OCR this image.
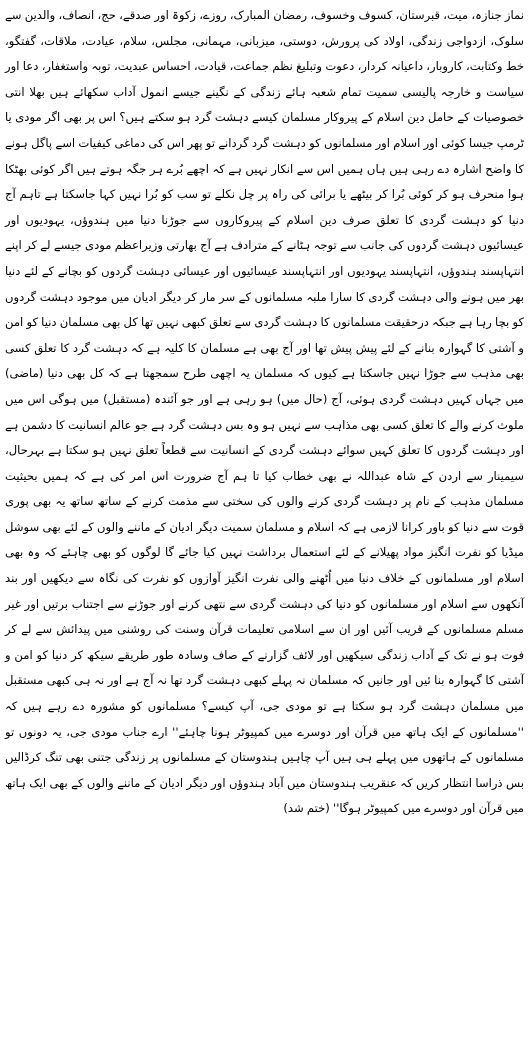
نماز جنازہ، میت، قبرستان، کسوف وخسوف، رمضان المبارک، روزے، زکوۃ اور صدقے، حج، انصاف، والدین سے سلوک، ازدواجی زندگی، اولاد کی پرورش، دوستی، میزبانی، مہمانی، مجلس، سلام، عیادت، ملاقات، گفتگو، خط وکتابت، کاروبار، داعیانہ کردار، دعوت وتبلیغ نظم جماعت، قیادت، احساس عبدیت، توبہ واستغفار، دعا اور سیاست و خارجہ پالیسی سمیت تمام شعبہ ہائے زندگی کے نگینے جیسے انمول آداب سکھائے ہیں بھلا انتی خصوصیات کے حامل دین اسلام کے پیروکار مسلمان کیسے دہشت گرد ہو سکتے ہیں؟ اس پر بھی اگر مودی یا ٹرمپ جیسا کوئی اور اسلام اور مسلمانوں کو دہشت گرد گردانے تو پھر اس کی دماغی کیفیات اسے پاگل ہونے کا واضح اشارہ دے رہی ہیں ہاں ہمیں اس سے انکار نہیں ہے کہ اچھے بُرے ہر جگہ ہوتے ہیں اگر کوئی بھٹکا ہوا منحرف ہو کر کوئی بُرا کر بیٹھے یا برائی کی راہ پر چل نکلے تو سب کو بُرا نہیں کہا جاسکتا ہے تاہم آج دنیا کو دہشت گردی کا تعلق صرف دین اسلام کے پیروکاروں سے جوڑنا دنیا میں ہندوؤں، یہودیوں اور عیسائیوں دہشت گردوں کی جانب سے توجہ ہٹانے کے مترادف ہے آج بھارتی وزیراعظم مودی جیسے لے کر اپنے انتہاپسند ہندوؤں، انتہاپسند یہودیوں اور انتہاپسند عیسائیوں اور عیسائی دہشت گردوں کو بچانے کے لئے دنیا بھر میں ہونے والی دہشت گردی کا سارا ملبہ مسلمانوں کے سر مار کر دیگر ادیان میں موجود دہشت گردوں کو بچا رہا ہے جبکہ درحقیقت مسلمانوں کا دہشت گردی سے تعلق کبھی نہیں تھا کل بھی مسلمان دنیا کو امن و آشتی کا گہوارہ بنانے کے لئے پیش پیش تھا اور آج بھی ہے مسلمان کا کلیہ ہے کہ دہشت گرد کا تعلق کسی بھی مذہب سے جوڑا نہیں جاسکتا ہے کیوں کہ مسلمان یہ اچھی طرح سمجھتا ہے کہ کل بھی دنیا (ماضی) میں جہاں کہیں دہشت گردی ہوئی، آج (حال میں) ہو رہی ہے اور جو آئندہ (مستقبل) میں ہوگی اس میں ملوث کرنے والے کا تعلق کسی بھی مذاہب سے نہیں ہو وہ بس دہشت گرد ہے جو عالم انسانیت کا دشمن ہے اور دہشت گردوں کا تعلق کہیں سوائے دہشت گردی کے انسانیت سے قطعاً تعلق نہیں ہو سکتا ہے بہرحال، سیمینار سے اردن کے شاہ عبداللہ نے بھی خطاب کیا تا ہم آج ضرورت اس امر کی ہے کہ ہمیں بحیثیت مسلمان مذہب کے نام پر دہشت گردی کرنے والوں کی سختی سے مذمت کرنے کے ساتھ ساتھ یہ بھی پوری قوت سے دنیا کو باور کرانا لازمی ہے کہ اسلام و مسلمان سمیت دیگر ادیان کے ماننے والوں کے لئے بھی سوشل میڈیا کو نفرت انگیز مواد پھیلانے کے لئے استعمال برداشت نہیں کیا جائے گا لوگوں کو بھی چاہئے کہ وہ بھی اسلام اور مسلمانوں کے خلاف دنیا میں اُٹھنے والی نفرت انگیز آوازوں کو نفرت کی نگاہ سے دیکھیں اور بند آنکھوں سے اسلام اور مسلمانوں کو دنیا کی دہشت گردی سے نتھی کرنے اور جوڑنے سے اجتناب برتیں اور غیر مسلم مسلمانوں کے قریب آئیں اور ان سے اسلامی تعلیمات قرآن وسنت کی روشنی میں پیدائش سے لے کر فوت ہو نے تک کے آداب زندگی سیکھیں اور لائف گزارنے کے صاف وسادہ طور طریقے سیکھ کر دنیا کو امن و آشتی کا گہوارہ بنا ئیں اور جانیں کہ مسلمان نہ پہلے کبھی دہشت گرد تھا نہ آج ہے اور نہ ہی کبھی مستقبل میں مسلمان دہشت گرد ہو سکتا ہے تو مودی جی، آپ کیسے؟ مسلمانوں کو مشورہ دے رہے ہیں کہ ''مسلمانوں کے ایک ہاتھ میں قرآن اور دوسرے میں کمپیوٹر ہونا چاہئے'' ارے جناب مودی جی، یہ دونوں تو مسلمانوں کے ہاتھوں میں پہلے ہی ہیں آپ چاہیں ہندوستان کے مسلمانوں پر زندگی جتنی بھی تنگ کرڈالیں بس ذراسا انتظار کریں کہ عنقریب ہندوستان میں آباد ہندوؤں اور دیگر ادیان کے ماننے والوں کے بھی ایک ہاتھ میں قرآن اور دوسرے میں کمپیوٹر ہوگا'' (ختم شد)
